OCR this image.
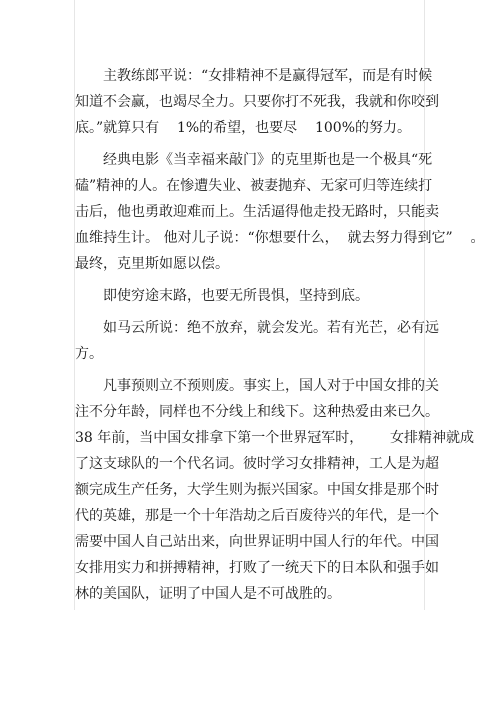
主教练郎平说：“女排精神不是赢得冠军，而是有时候
知道不会赢，也竭尽全力。只要你打不死我，我就和你咬到
底。”就算只有    1%的希望，也要尽    100%的努力。
经典电影《当幸福来敲门》的克里斯也是一个极具“死
磕”精神的人。在惨遭失业、被妻抛弃、无家可归等连续打
击后，他也勇敢迎难而上。生活逼得他走投无路时，只能卖
血维持生计。 他对儿子说：“你想要什么，  就去努力得到它”    。
最终，克里斯如愿以偿。
即使穷途末路，也要无所畏惧，坚持到底。
如马云所说：绝不放弃，就会发光。若有光芒，必有远
方。
凡事预则立不预则废。事实上，国人对于中国女排的关
注不分年龄，同样也不分线上和线下。这种热爱由来已久。
38 年前，当中国女排拿下第一个世界冠军时，      女排精神就成
了这支球队的一个代名词。彼时学习女排精神，工人是为超
额完成生产任务，大学生则为振兴国家。中国女排是那个时
代的英雄，那是一个十年浩劫之后百废待兴的年代，是一个
需要中国人自己站出来，向世界证明中国人行的年代。中国
女排用实力和拼搏精神，打败了一统天下的日本队和强手如
林的美国队，证明了中国人是不可战胜的。
